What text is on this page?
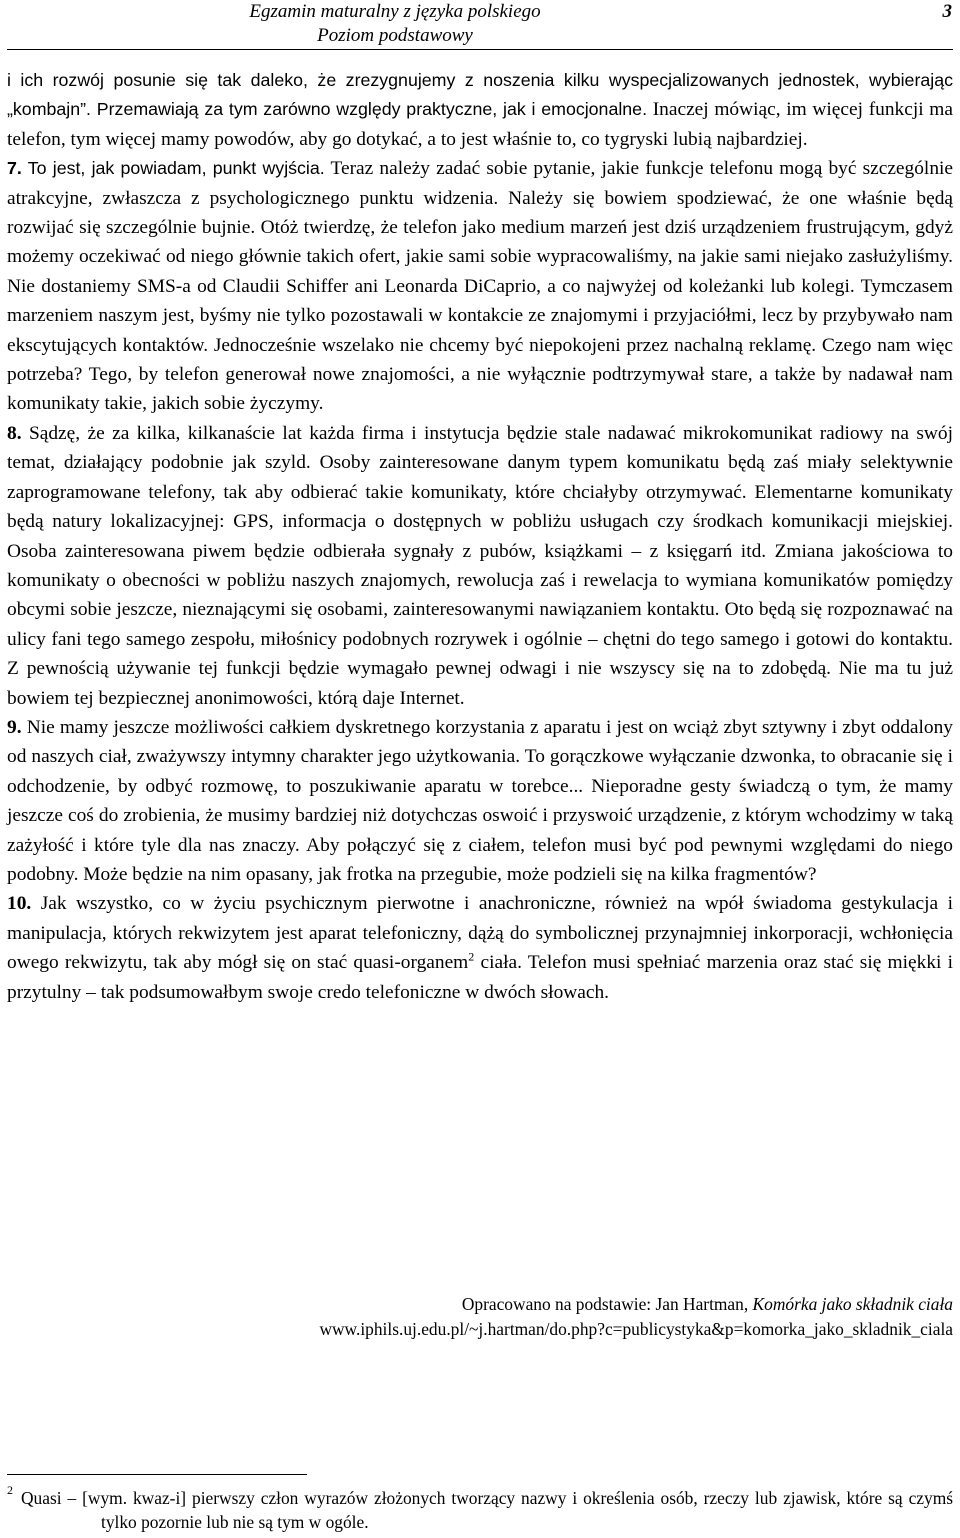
Egzamin maturalny z języka polskiego
Poziom podstawowy
3

i ich rozwój posunie się tak daleko, że zrezygnujemy z noszenia kilku wyspecjalizowanych jednostek, wybierając „kombajn”. Przemawiają za tym zarówno względy praktyczne, jak i emocjonalne. Inaczej mówiąc, im więcej funkcji ma telefon, tym więcej mamy powodów, aby go dotykać, a to jest właśnie to, co tygryski lubią najbardziej.

7. To jest, jak powiadam, punkt wyjścia. Teraz należy zadać sobie pytanie, jakie funkcje telefonu mogą być szczególnie atrakcyjne, zwłaszcza z psychologicznego punktu widzenia. Należy się bowiem spodziewać, że one właśnie będą rozwijać się szczególnie bujnie. Otóż twierdzę, że telefon jako medium marzeń jest dziś urządzeniem frustrującym, gdyż możemy oczekiwać od niego głównie takich ofert, jakie sami sobie wypracowaliśmy, na jakie sami niejako zasłużyliśmy. Nie dostaniemy SMS-a od Claudii Schiffer ani Leonarda DiCaprio, a co najwyżej od koleżanki lub kolegi. Tymczasem marzeniem naszym jest, byśmy nie tylko pozostawali w kontakcie ze znajomymi i przyjaciółmi, lecz by przybywało nam ekscytujących kontaktów. Jednocześnie wszelako nie chcemy być niepokojeni przez nachalną reklamę. Czego nam więc potrzeba? Tego, by telefon generował nowe znajomości, a nie wyłącznie podtrzymywał stare, a także by nadawał nam komunikaty takie, jakich sobie życzymy.

8. Sądzę, że za kilka, kilkanaście lat każda firma i instytucja będzie stale nadawać mikrokomunikat radiowy na swój temat, działający podobnie jak szyld. Osoby zainteresowane danym typem komunikatu będą zaś miały selektywnie zaprogramowane telefony, tak aby odbierać takie komunikaty, które chciałyby otrzymywać. Elementarne komunikaty będą natury lokalizacyjnej: GPS, informacja o dostępnych w pobliżu usługach czy środkach komunikacji miejskiej. Osoba zainteresowana piwem będzie odbierała sygnały z pubów, książkami – z księgarń itd. Zmiana jakościowa to komunikaty o obecności w pobliżu naszych znajomych, rewolucja zaś i rewelacja to wymiana komunikatów pomiędzy obcymi sobie jeszcze, nieznającymi się osobami, zainteresowanymi nawiązaniem kontaktu. Oto będą się rozpoznawać na ulicy fani tego samego zespołu, miłośnicy podobnych rozrywek i ogólnie – chętni do tego samego i gotowi do kontaktu. Z pewnością używanie tej funkcji będzie wymagało pewnej odwagi i nie wszyscy się na to zdobędą. Nie ma tu już bowiem tej bezpiecznej anonimowości, którą daje Internet.

9. Nie mamy jeszcze możliwości całkiem dyskretnego korzystania z aparatu i jest on wciąż zbyt sztywny i zbyt oddalony od naszych ciał, zważywszy intymny charakter jego użytkowania. To gorączkowe wyłączanie dzwonka, to obracanie się i odchodzenie, by odbyć rozmowę, to poszukiwanie aparatu w torebce... Nieporadne gesty świadczą o tym, że mamy jeszcze coś do zrobienia, że musimy bardziej niż dotychczas oswoić i przyswoić urządzenie, z którym wchodzimy w taką zażyłość i które tyle dla nas znaczy. Aby połączyć się z ciałem, telefon musi być pod pewnymi względami do niego podobny. Może będzie na nim opasany, jak frotka na przegubie, może podzieli się na kilka fragmentów?

10. Jak wszystko, co w życiu psychicznym pierwotne i anachroniczne, również na wpół świadoma gestykulacja i manipulacja, których rekwizytem jest aparat telefoniczny, dążą do symbolicznej przynajmniej inkorporacji, wchłonięcia owego rekwizytu, tak aby mógł się on stać quasi-organem$^2$ ciała. Telefon musi spełniać marzenia oraz stać się miękki i przytulny – tak podsumowałbym swoje credo telefoniczne w dwóch słowach.

Opracowano na podstawie: Jan Hartman, Komórka jako składnik ciała
www.iphils.uj.edu.pl/~j.hartman/do.php?c=publicystyka&p=komorka_jako_skladnik_ciala
2 Quasi – [wym. kwaz-i] pierwszy człon wyrazów złożonych tworzący nazwy i określenia osób, rzeczy lub zjawisk, które są czymś tylko pozornie lub nie są tym w ogóle.
